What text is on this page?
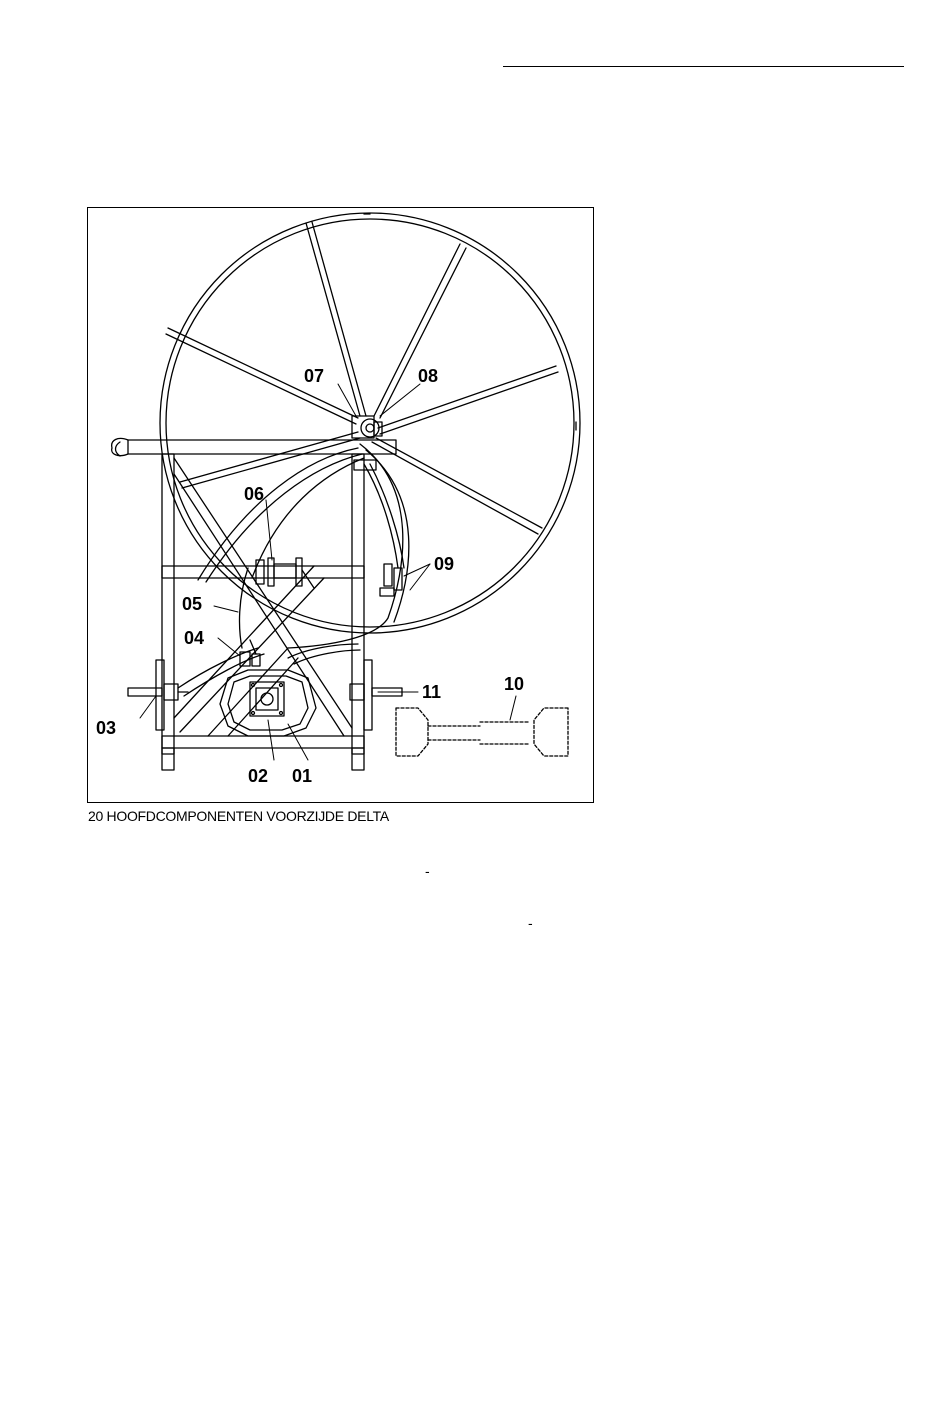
07	08
06
09
05
04
11	10
03
02 01
20 HOOFDCOMPONENTEN VOORZIJDE DELTA
-
-
